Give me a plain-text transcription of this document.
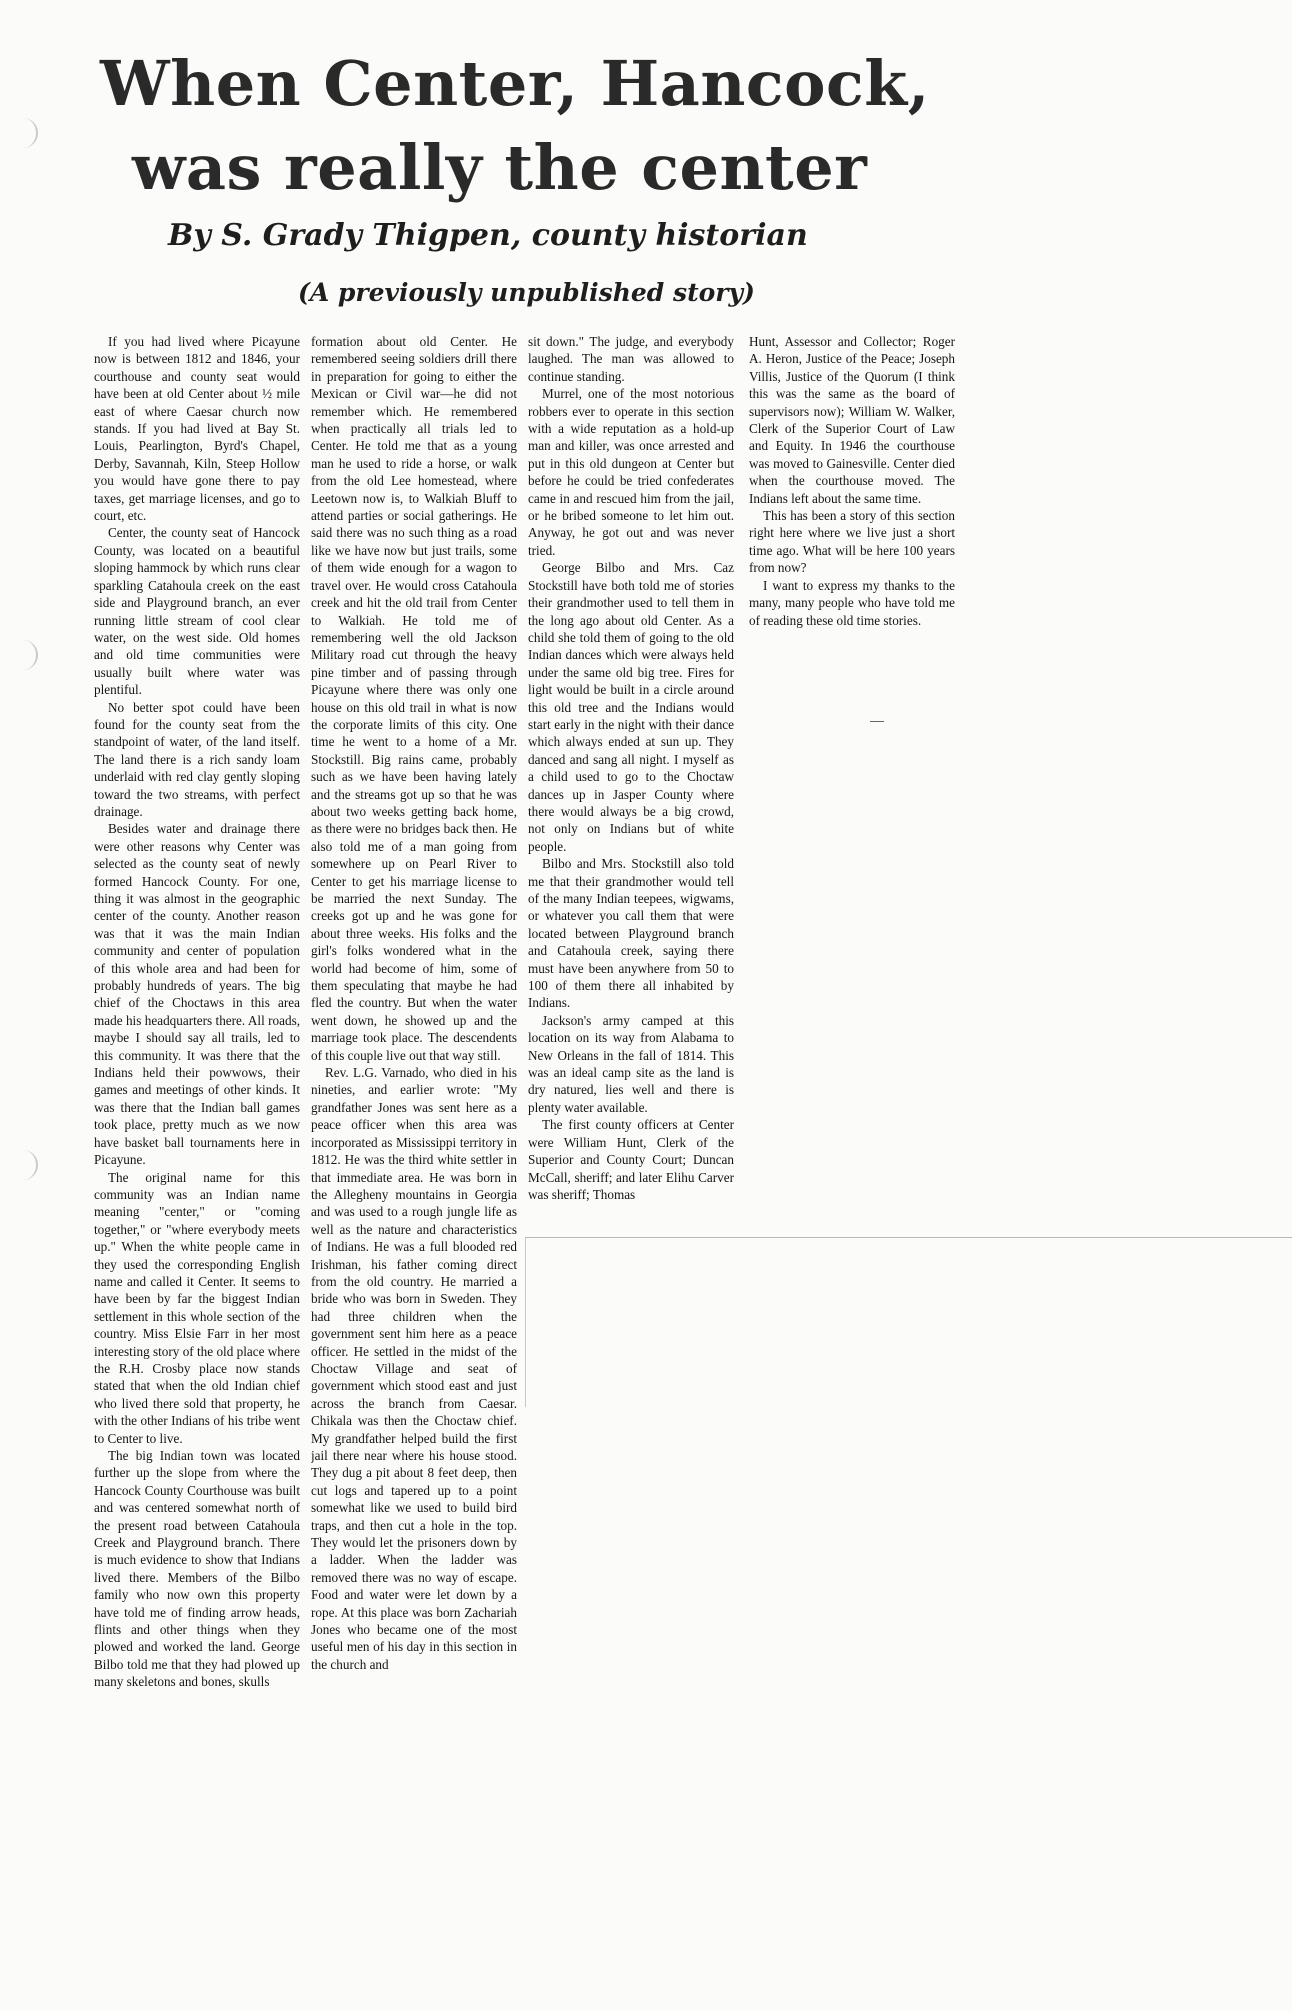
When Center, Hancock,
was really the center
By S. Grady Thigpen, county historian
(A previously unpublished story)

If you had lived where Picayune now is between 1812 and 1846, your courthouse and county seat would have been at old Center about ½ mile east of where Caesar church now stands. If you had lived at Bay St. Louis, Pearlington, Byrd's Chapel, Derby, Savannah, Kiln, Steep Hollow you would have gone there to pay taxes, get marriage licenses, and go to court, etc.

Center, the county seat of Hancock County, was located on a beautiful sloping hammock by which runs clear sparkling Catahoula creek on the east side and Playground branch, an ever running little stream of cool clear water, on the west side. Old homes and old time communities were usually built where water was plentiful.

No better spot could have been found for the county seat from the standpoint of water, of the land itself. The land there is a rich sandy loam underlaid with red clay gently sloping toward the two streams, with perfect drainage.

Besides water and drainage there were other reasons why Center was selected as the county seat of newly formed Hancock County. For one, thing it was almost in the geographic center of the county. Another reason was that it was the main Indian community and center of population of this whole area and had been for probably hundreds of years. The big chief of the Choctaws in this area made his headquarters there. All roads, maybe I should say all trails, led to this community. It was there that the Indians held their powwows, their games and meetings of other kinds. It was there that the Indian ball games took place, pretty much as we now have basket ball tournaments here in Picayune.

The original name for this community was an Indian name meaning "center," or "coming together," or "where everybody meets up." When the white people came in they used the corresponding English name and called it Center. It seems to have been by far the biggest Indian settlement in this whole section of the country. Miss Elsie Farr in her most interesting story of the old place where the R.H. Crosby place now stands stated that when the old Indian chief who lived there sold that property, he with the other Indians of his tribe went to Center to live.

The big Indian town was located further up the slope from where the Hancock County Courthouse was built and was centered somewhat north of the present road between Catahoula Creek and Playground branch. There is much evidence to show that Indians lived there. Members of the Bilbo family who now own this property have told me of finding arrow heads, flints and other things when they plowed and worked the land. George Bilbo told me that they had plowed up many skeletons and bones, skulls

formation about old Center. He remembered seeing soldiers drill there in preparation for going to either the Mexican or Civil war—he did not remember which. He remembered when practically all trials led to Center. He told me that as a young man he used to ride a horse, or walk from the old Lee homestead, where Leetown now is, to Walkiah Bluff to attend parties or social gatherings. He said there was no such thing as a road like we have now but just trails, some of them wide enough for a wagon to travel over. He would cross Catahoula creek and hit the old trail from Center to Walkiah. He told me of remembering well the old Jackson Military road cut through the heavy pine timber and of passing through Picayune where there was only one house on this old trail in what is now the corporate limits of this city. One time he went to a home of a Mr. Stockstill. Big rains came, probably such as we have been having lately and the streams got up so that he was about two weeks getting back home, as there were no bridges back then. He also told me of a man going from somewhere up on Pearl River to Center to get his marriage license to be married the next Sunday. The creeks got up and he was gone for about three weeks. His folks and the girl's folks wondered what in the world had become of him, some of them speculating that maybe he had fled the country. But when the water went down, he showed up and the marriage took place. The descendents of this couple live out that way still.

Rev. L.G. Varnado, who died in his nineties, and earlier wrote: "My grandfather Jones was sent here as a peace officer when this area was incorporated as Mississippi territory in 1812. He was the third white settler in that immediate area. He was born in the Allegheny mountains in Georgia and was used to a rough jungle life as well as the nature and characteristics of Indians. He was a full blooded red Irishman, his father coming direct from the old country. He married a bride who was born in Sweden. They had three children when the government sent him here as a peace officer. He settled in the midst of the Choctaw Village and seat of government which stood east and just across the branch from Caesar. Chikala was then the Choctaw chief. My grandfather helped build the first jail there near where his house stood. They dug a pit about 8 feet deep, then cut logs and tapered up to a point somewhat like we used to build bird traps, and then cut a hole in the top. They would let the prisoners down by a ladder. When the ladder was removed there was no way of escape. Food and water were let down by a rope. At this place was born Zachariah Jones who became one of the most useful men of his day in this section in the church and

sit down." The judge, and everybody laughed. The man was allowed to continue standing.

Murrel, one of the most notorious robbers ever to operate in this section with a wide reputation as a hold-up man and killer, was once arrested and put in this old dungeon at Center but before he could be tried confederates came in and rescued him from the jail, or he bribed someone to let him out. Anyway, he got out and was never tried.

George Bilbo and Mrs. Caz Stockstill have both told me of stories their grandmother used to tell them in the long ago about old Center. As a child she told them of going to the old Indian dances which were always held under the same old big tree. Fires for light would be built in a circle around this old tree and the Indians would start early in the night with their dance which always ended at sun up. They danced and sang all night. I myself as a child used to go to the Choctaw dances up in Jasper County where there would always be a big crowd, not only on Indians but of white people.

Bilbo and Mrs. Stockstill also told me that their grandmother would tell of the many Indian teepees, wigwams, or whatever you call them that were located between Playground branch and Catahoula creek, saying there must have been anywhere from 50 to 100 of them there all inhabited by Indians.

Jackson's army camped at this location on its way from Alabama to New Orleans in the fall of 1814. This was an ideal camp site as the land is dry natured, lies well and there is plenty water available.

The first county officers at Center were William Hunt, Clerk of the Superior and County Court; Duncan McCall, sheriff; and later Elihu Carver was sheriff; Thomas

Hunt, Assessor and Collector; Roger A. Heron, Justice of the Peace; Joseph Villis, Justice of the Quorum (I think this was the same as the board of supervisors now); William W. Walker, Clerk of the Superior Court of Law and Equity. In 1946 the courthouse was moved to Gainesville. Center died when the courthouse moved. The Indians left about the same time.

This has been a story of this section right here where we live just a short time ago. What will be here 100 years from now?

I want to express my thanks to the many, many people who have told me of reading these old time stories.
